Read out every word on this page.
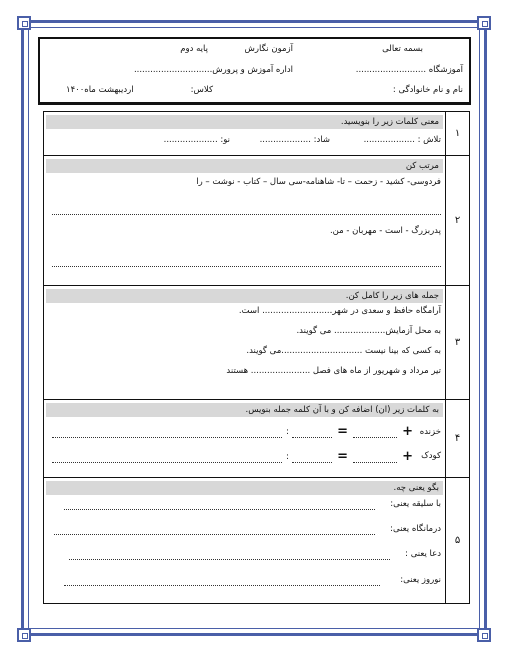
بسمه تعالی
آزمون نگارش
پایه دوم
آموزشگاه ..........................
اداره آموزش و پرورش.............................
نام و نام خانوادگی :
کلاس:
اردیبهشت ماه۱۴۰۰
۱
معنی کلمات زیر را بنویسید.
تلاش : ...................
شاد: ...................
نو: ....................
۲
مرتب کن
فردوسی- کشید - زحمت – تا- شاهنامه-سی سال – کتاب - نوشت – را
پدربزرگ - است - مهربان - من.
۳
جمله های زیر را کامل کن.
آرامگاه حافظ و سعدی در شهر.......................... است.
به محل آزمایش................... می گویند.
به کسی که بینا نیست ..............................می گویند.
تیر مرداد و شهریور از ماه های فصل ...................... هستند
۴
به کلمات زیر (ان) اضافه کن و با آن کلمه جمله بنویس.
خزنده
+
=
:
کودک
+
=
:
۵
بگو یعنی چه.
با سلیقه یعنی:
درمانگاه یعنی:
دعا یعنی :
نوروز یعنی:
